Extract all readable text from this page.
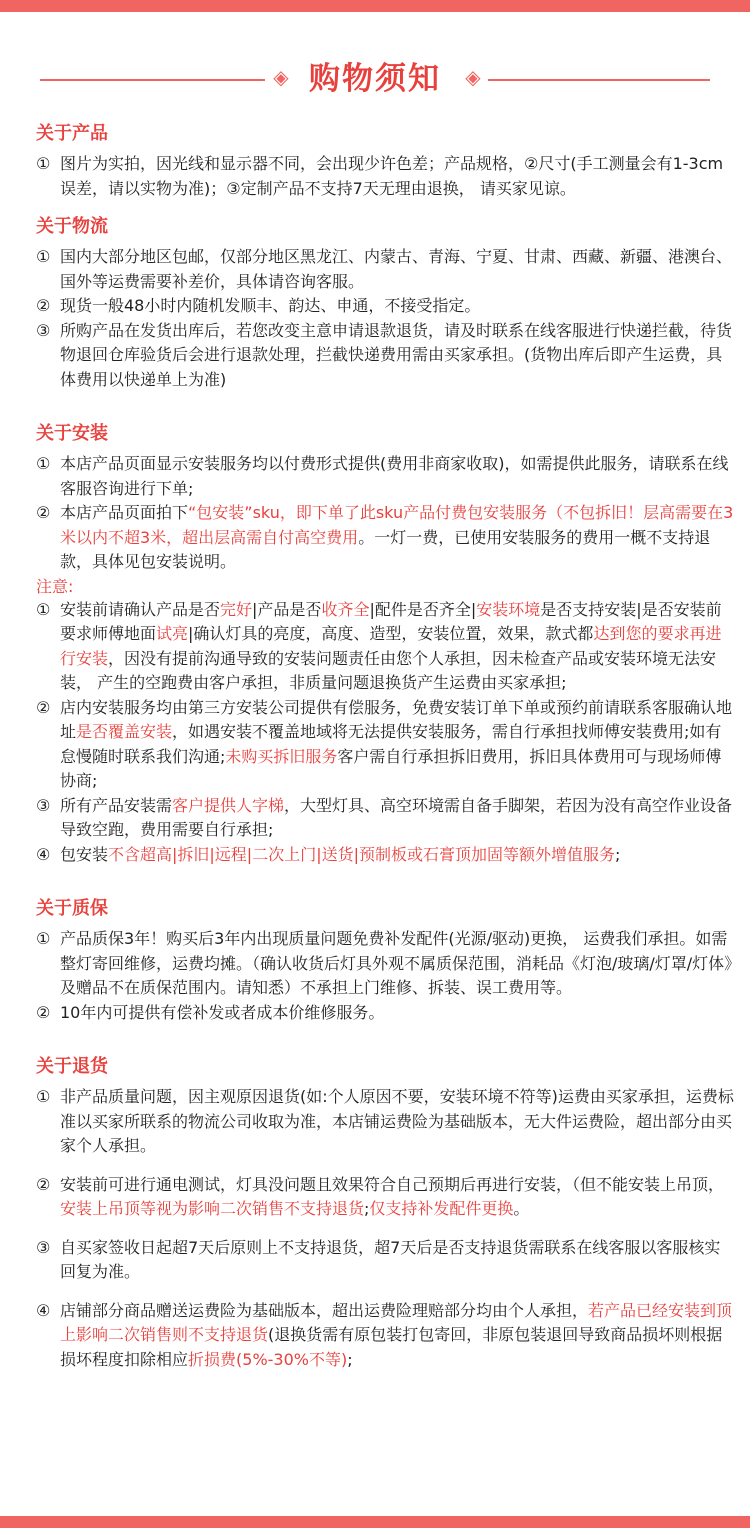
◈ 购物须知	◈
关于产品
① 图片为实拍，因光线和显示器不同，会出现少许色差；产品规格，②尺寸(手工测量会有1-3cm误差，请以实物为准)；③定制产品不支持7天无理由退换， 请买家见谅。
关于物流
① 国内大部分地区包邮，仅部分地区黑龙江、内蒙古、青海、宁夏、甘肃、西藏、新疆、港澳台、国外等运费需要补差价，具体请咨询客服。
② 现货一般48小时内随机发顺丰、韵达、申通，不接受指定。
③ 所购产品在发货出库后，若您改变主意申请退款退货，请及时联系在线客服进行快递拦截，待货物退回仓库验货后会进行退款处理，拦截快递费用需由买家承担。(货物出库后即产生运费，具体费用以快递单上为准)
关于安装
① 本店产品页面显示安装服务均以付费形式提供(费用非商家收取)，如需提供此服务，请联系在线客服咨询进行下单;
② 本店产品页面拍下“包安装”sku，即下单了此sku产品付费包安装服务（不包拆旧！层高需要在3米以内不超3米，超出层高需自付高空费用。一灯一费，已使用安装服务的费用一概不支持退款，具体见包安装说明。
注意:
① 安装前请确认产品是否完好|产品是否收齐全|配件是否齐全|安装环境是否支持安装|是否安装前要求师傅地面试亮|确认灯具的亮度，高度、造型，安装位置，效果，款式都达到您的要求再进行安装，因没有提前沟通导致的安装问题责任由您个人承担，因未检查产品或安装环境无法安装， 产生的空跑费由客户承担，非质量问题退换货产生运费由买家承担;
② 店内安装服务均由第三方安装公司提供有偿服务，免费安装订单下单或预约前请联系客服确认地址是否覆盖安装，如遇安装不覆盖地域将无法提供安装服务，需自行承担找师傅安装费用;如有怠慢随时联系我们沟通;未购买拆旧服务客户需自行承担拆旧费用，拆旧具体费用可与现场师傅协商;
③ 所有产品安装需客户提供人字梯，大型灯具、高空环境需自备手脚架，若因为没有高空作业设备导致空跑，费用需要自行承担;
④ 包安装不含超高|拆旧|远程|二次上门|送货|预制板或石膏顶加固等额外增值服务;
关于质保
① 产品质保3年！购买后3年内出现质量问题免费补发配件(光源/驱动)更换， 运费我们承担。如需整灯寄回维修，运费均摊。（确认收货后灯具外观不属质保范围，消耗品《灯泡/玻璃/灯罩/灯体》及赠品不在质保范围内。请知悉）不承担上门维修、拆装、误工费用等。
② 10年内可提供有偿补发或者成本价维修服务。
关于退货
① 非产品质量问题，因主观原因退货(如:个人原因不要，安装环境不符等)运费由买家承担，运费标准以买家所联系的物流公司收取为准，本店铺运费险为基础版本，无大件运费险，超出部分由买家个人承担。
② 安装前可进行通电测试，灯具没问题且效果符合自己预期后再进行安装，（但不能安装上吊顶，安装上吊顶等视为影响二次销售不支持退货;仅支持补发配件更换。
③ 自买家签收日起超7天后原则上不支持退货，超7天后是否支持退货需联系在线客服以客服核实回复为准。
④ 店铺部分商品赠送运费险为基础版本，超出运费险理赔部分均由个人承担，若产品已经安装到顶上影响二次销售则不支持退货(退换货需有原包装打包寄回，非原包装退回导致商品损坏则根据损坏程度扣除相应折损费(5%-30%不等);
